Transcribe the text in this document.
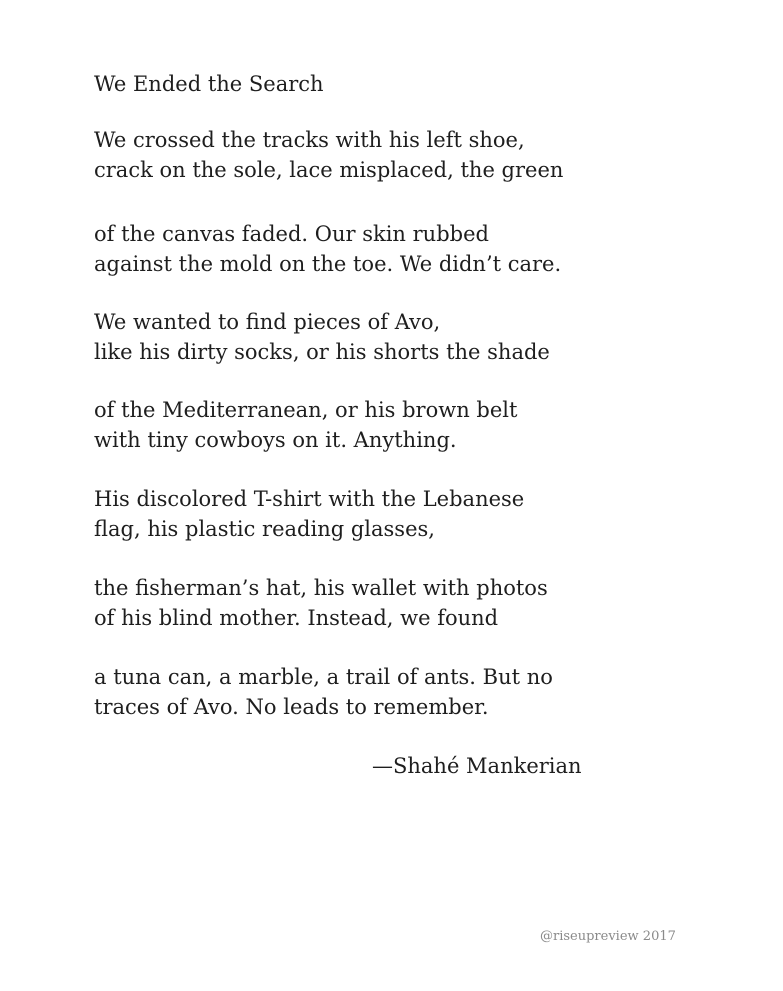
We Ended the Search
We crossed the tracks with his left shoe,
crack on the sole, lace misplaced, the green
of the canvas faded. Our skin rubbed
against the mold on the toe. We didn’t care.
We wanted to find pieces of Avo,
like his dirty socks, or his shorts the shade
of the Mediterranean, or his brown belt
with tiny cowboys on it. Anything.
His discolored T-shirt with the Lebanese
flag, his plastic reading glasses,
the fisherman’s hat, his wallet with photos
of his blind mother. Instead, we found
a tuna can, a marble, a trail of ants. But no
traces of Avo. No leads to remember.
—Shahé Mankerian
@riseupreview 2017
